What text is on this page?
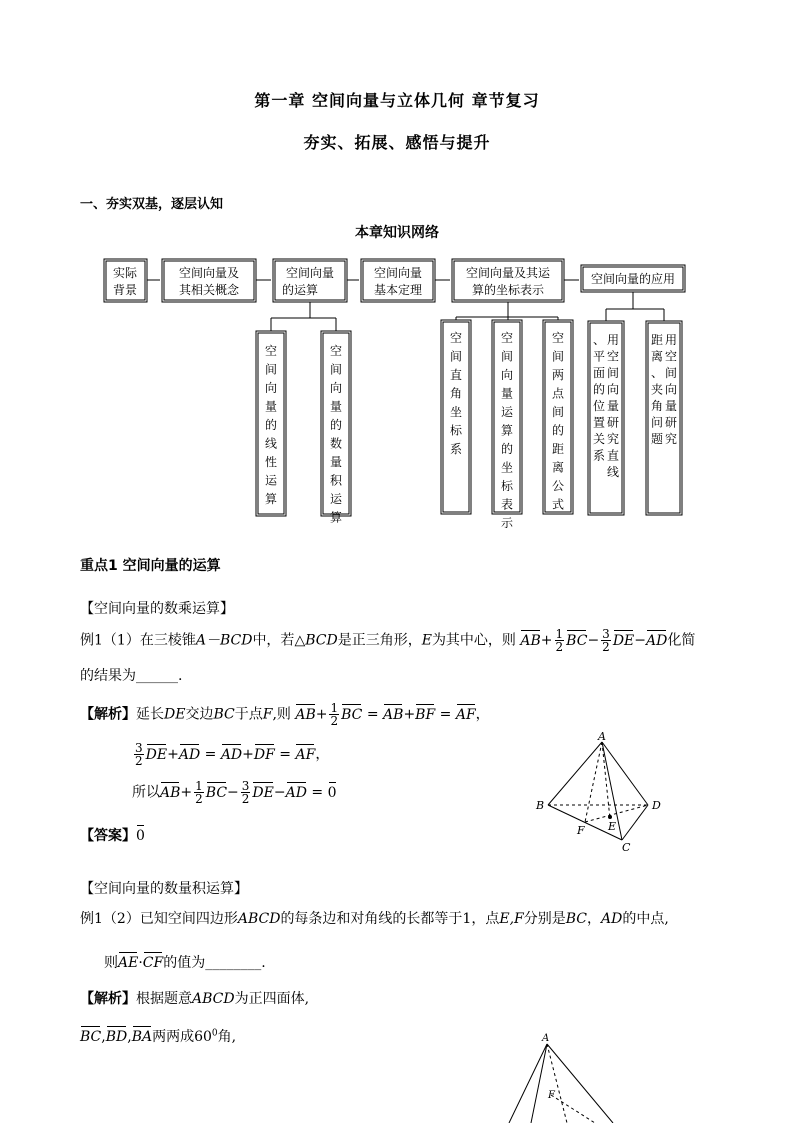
第一章 空间向量与立体几何 章节复习
夯实、拓展、感悟与提升
一、夯实双基，逐层认知
本章知识网络
实际
背景
空间向量及
其相关概念
空间向量
的运算
空间向量
基本定理
空间向量及其运
算的坐标表示
空间向量的应用
空间向量的线性运算
空间向量的数量积运算
空间直角坐标系
空间向量运算的坐标表示
空间两点间的距离公式
用空间向量研究直线、平面的位置关系
用空间向量研究距离、夹角问题
重点1 空间向量的运算
【空间向量的数乘运算】
例1（1）在三棱锥A－BCD中，若△BCD是正三角形，E为其中心，则 $AB+ \frac{1}{2} BC- \frac{3}{2} DE-AD$化简
的结果为______.
【解析】延长DE交边BC于点F,则 $AB+ \frac{1}{2}$ BC = AB+BF = AF，
$\frac{3}{2} DE+AD = AD+DF$ = AF，
所以$AB+ \frac{1}{2} BC- \frac{3}{2} DE-AD = 0$
【答案】0
A
B	D
C
F E
【空间向量的数量积运算】
例1（2）已知空间四边形ABCD的每条边和对角线的长都等于1，点E,F分别是BC，AD的中点,
则AE·CF的值为________.
【解析】根据题意ABCD为正四面体,
BC,BD,BA两两成$60^0$角,	A
F
